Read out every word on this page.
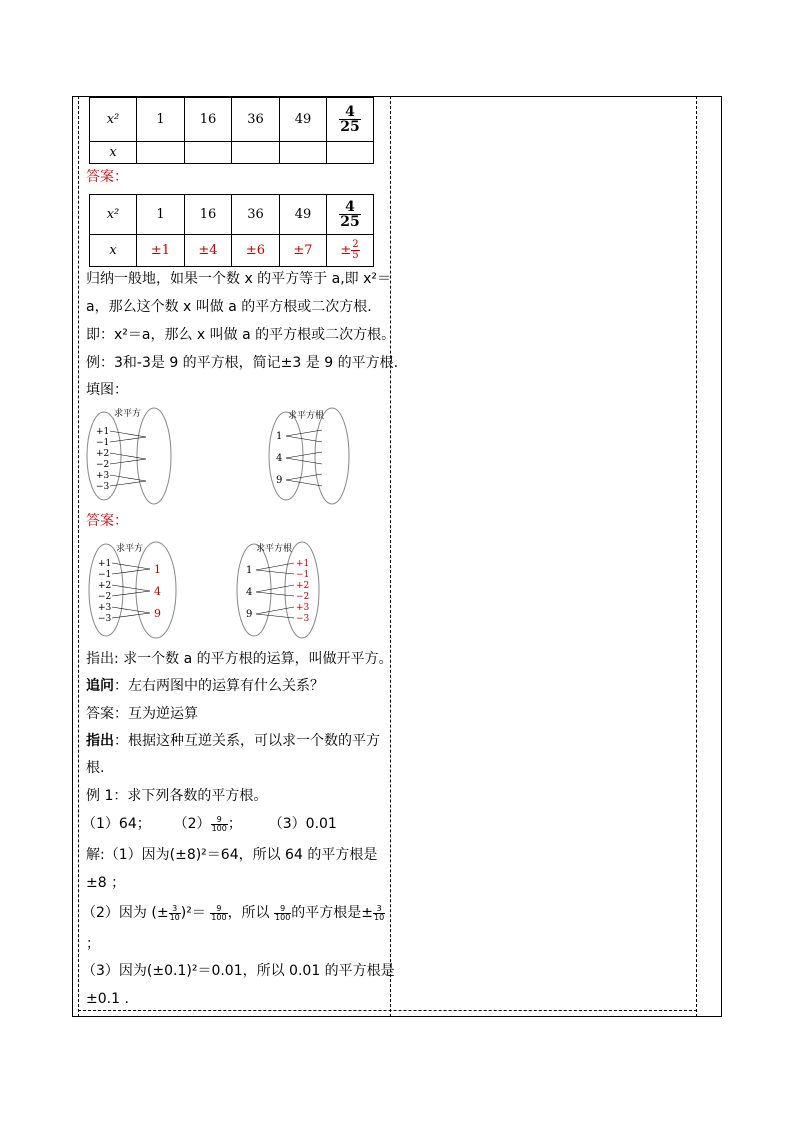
x²	1	16	36	49	$\frac{4}{25}$

x					
答案：
x²	1	16	36	49	$\frac{4}{25}$

x	±1	±4	±6	±7	± $\frac{2}{5}$
归纳一般地，如果一个数 x 的平方等于 a,即 x²＝
a，那么这个数 x 叫做 a 的平方根或二次方根.
即：x²＝a，那么 x 叫做 a 的平方根或二次方根。
例：3和-3是 9 的平方根，简记±3 是 9 的平方根.
填图：
求平方
+1
−1
+2
−2
+3
−3
求平方根
1
4
9
答案：
求平方
+1
−1
+2
−2
+3
−3
1
4
9
求平方根
1
4
9
+1
−1
+2
−2
+3
−3
指出: 求一个数 a 的平方根的运算，叫做开平方。
追问：左右两图中的运算有什么关系？
答案：互为逆运算
指出：根据这种互逆关系，可以求一个数的平方
根.
例 1：求下列各数的平方根。
（1）64； $(2) \frac{9}{100}$ ； （3）0.01
解:（1）因为(±8)²＝64，所以 64 的平方根是
±8 ；
（2）因为 (± $\frac{3}{10} )^2= \frac{9}{100}$ ，所以 $\frac{9}{100}$ 的平方根是± $\frac{3}{10}$
；
（3）因为(±0.1)²＝0.01，所以 0.01 的平方根是
±0.1 .
